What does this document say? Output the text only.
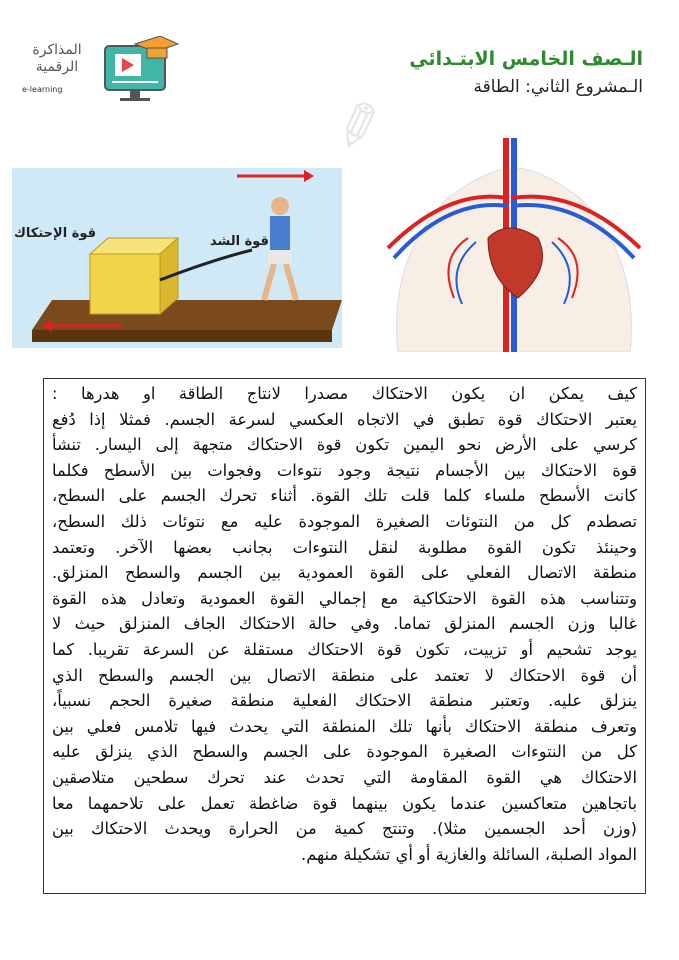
المذاكرة
الرقمية
e-learning
الـصف الخامس الابتـدائي
الـمشروع الثاني: الطاقة
قوة الإحتكاك
قوة الشد
✎
كيف يمكن ان يكون الاحتكاك مصدرا لانتاج الطاقة او هدرها :
يعتبر الاحتكاك قوة تطبق في الاتجاه العكسي لسرعة الجسم. فمثلا إذا دُفع
كرسي على الأرض نحو اليمين تكون قوة الاحتكاك متجهة إلى اليسار. تنشأ
قوة الاحتكاك بين الأجسام نتيجة وجود نتوءات وفجوات بين الأسطح فكلما
كانت الأسطح ملساء كلما قلت تلك القوة. أثناء تحرك الجسم على السطح،
تصطدم كل من النتوئات الصغيرة الموجودة عليه مع نتوئات ذلك السطح،
وحينئذ تكون القوة مطلوبة لنقل النتوءات بجانب بعضها الآخر. وتعتمد
منطقة الاتصال الفعلي على القوة العمودية بين الجسم والسطح المنزلق.
وتتناسب هذه القوة الاحتكاكية مع إجمالي القوة العمودية وتعادل هذه القوة
غالبا وزن الجسم المنزلق تماما. وفي حالة الاحتكاك الجاف المنزلق حيث لا
يوجد تشحيم أو تزييت، تكون قوة الاحتكاك مستقلة عن السرعة تقريبا. كما
أن قوة الاحتكاك لا تعتمد على منطقة الاتصال بين الجسم والسطح الذي
ينزلق عليه. وتعتبر منطقة الاحتكاك الفعلية منطقة صغيرة الحجم نسبياً،
وتعرف منطقة الاحتكاك بأنها تلك المنطقة التي يحدث فيها تلامس فعلي بين
كل من النتوءات الصغيرة الموجودة على الجسم والسطح الذي ينزلق عليه
الاحتكاك هي القوة المقاومة التي تحدث عند تحرك سطحين متلاصقين
باتجاهين متعاكسين عندما يكون بينهما قوة ضاغطة تعمل على تلاحمهما معا
(وزن أحد الجسمين مثلا). وتنتج كمية من الحرارة ويحدث الاحتكاك بين
المواد الصلبة، السائلة والغازية أو أي تشكيلة منهم.
